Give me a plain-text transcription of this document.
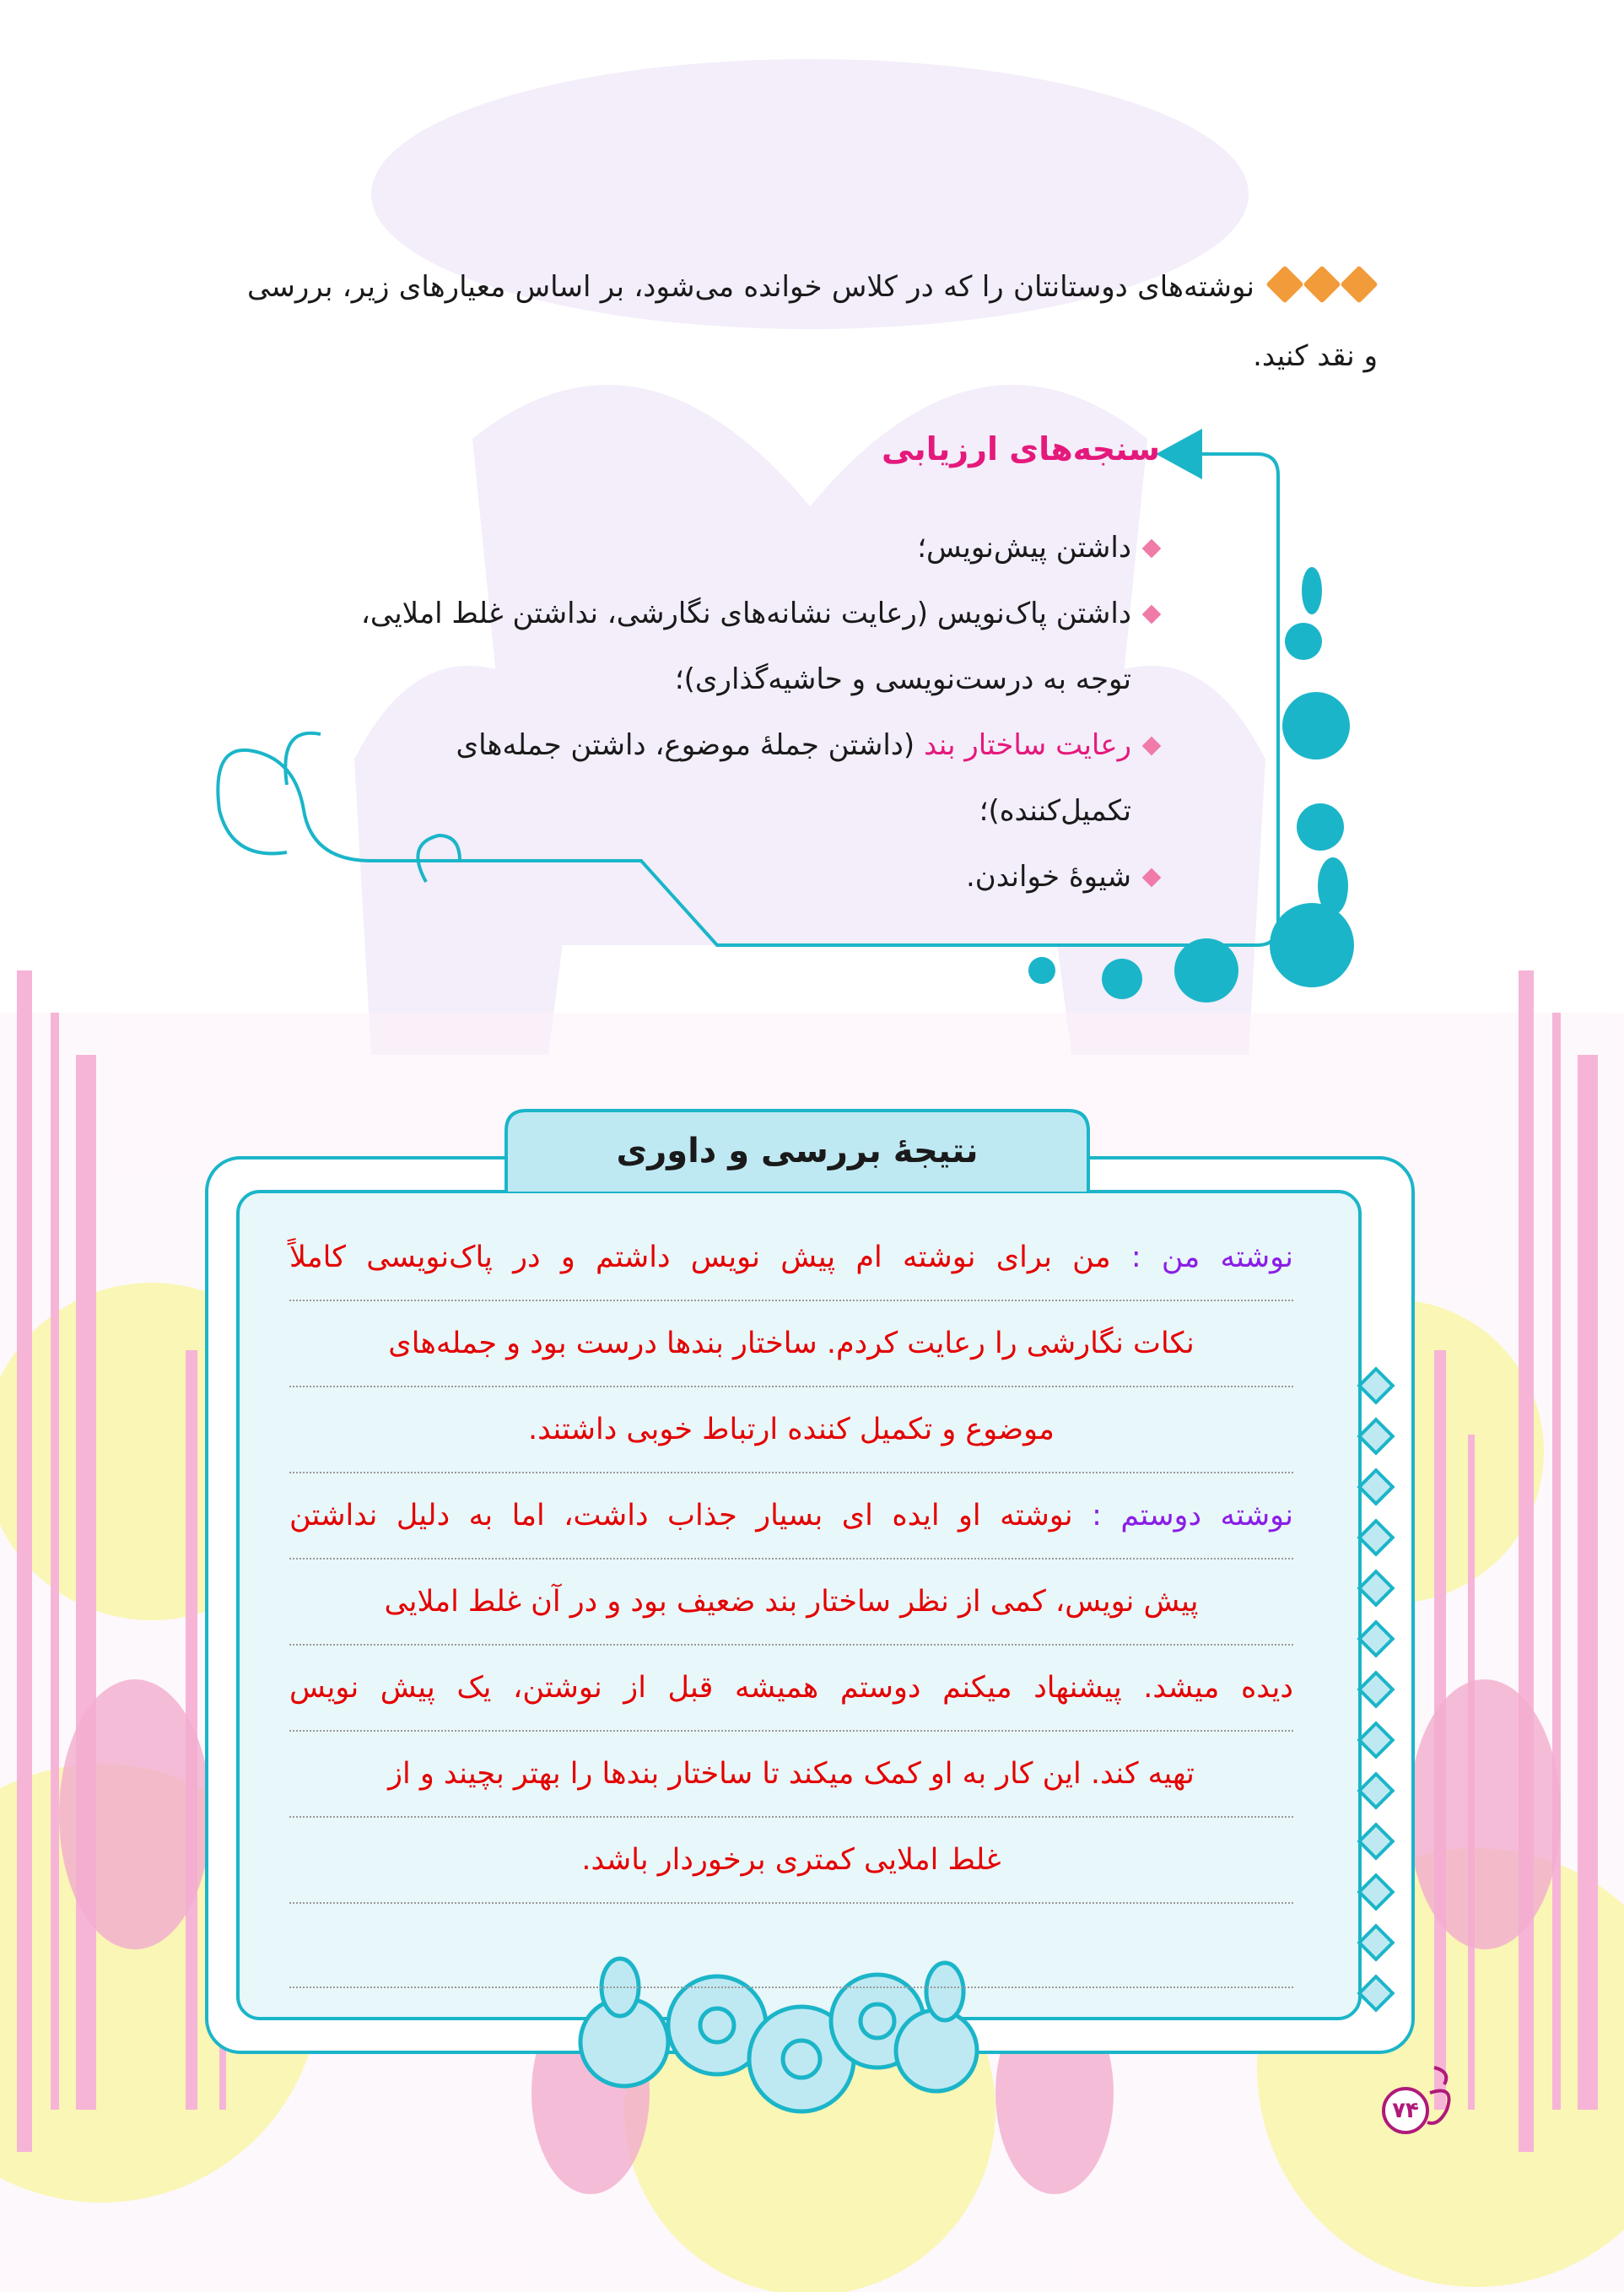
نوشته‌های دوستانتان را که در کلاس خوانده می‌شود، بر اساس معیارهای زیر، بررسی و نقد کنید.
سنجه‌های ارزیابی
داشتن پیش‌نویس؛
داشتن پاک‌نویس (رعایت نشانه‌های نگارشی، نداشتن غلط املایی، توجه به درست‌نویسی و حاشیه‌گذاری)؛
رعایت ساختار بند (داشتن جملهٔ موضوع، داشتن جمله‌های تکمیل‌کننده)؛
شیوهٔ خواندن.
نتیجهٔ بررسی و داوری
نوشته من : من برای نوشته ام پیش نویس داشتم و در پاک‌نویسی کاملاً
نکات نگارشی را رعایت کردم. ساختار بندها درست بود و جمله‌های
موضوع و تکمیل کننده ارتباط خوبی داشتند.
نوشته دوستم : نوشته او ایده ای بسیار جذاب داشت، اما به دلیل نداشتن
پیش نویس، کمی از نظر ساختار بند ضعیف بود و در آن غلط املایی
دیده میشد. پیشنهاد میکنم دوستم همیشه قبل از نوشتن، یک پیش نویس
تهیه کند. این کار به او کمک میکند تا ساختار بندها را بهتر بچیند و از
غلط املایی کمتری برخوردار باشد.
۷۴
